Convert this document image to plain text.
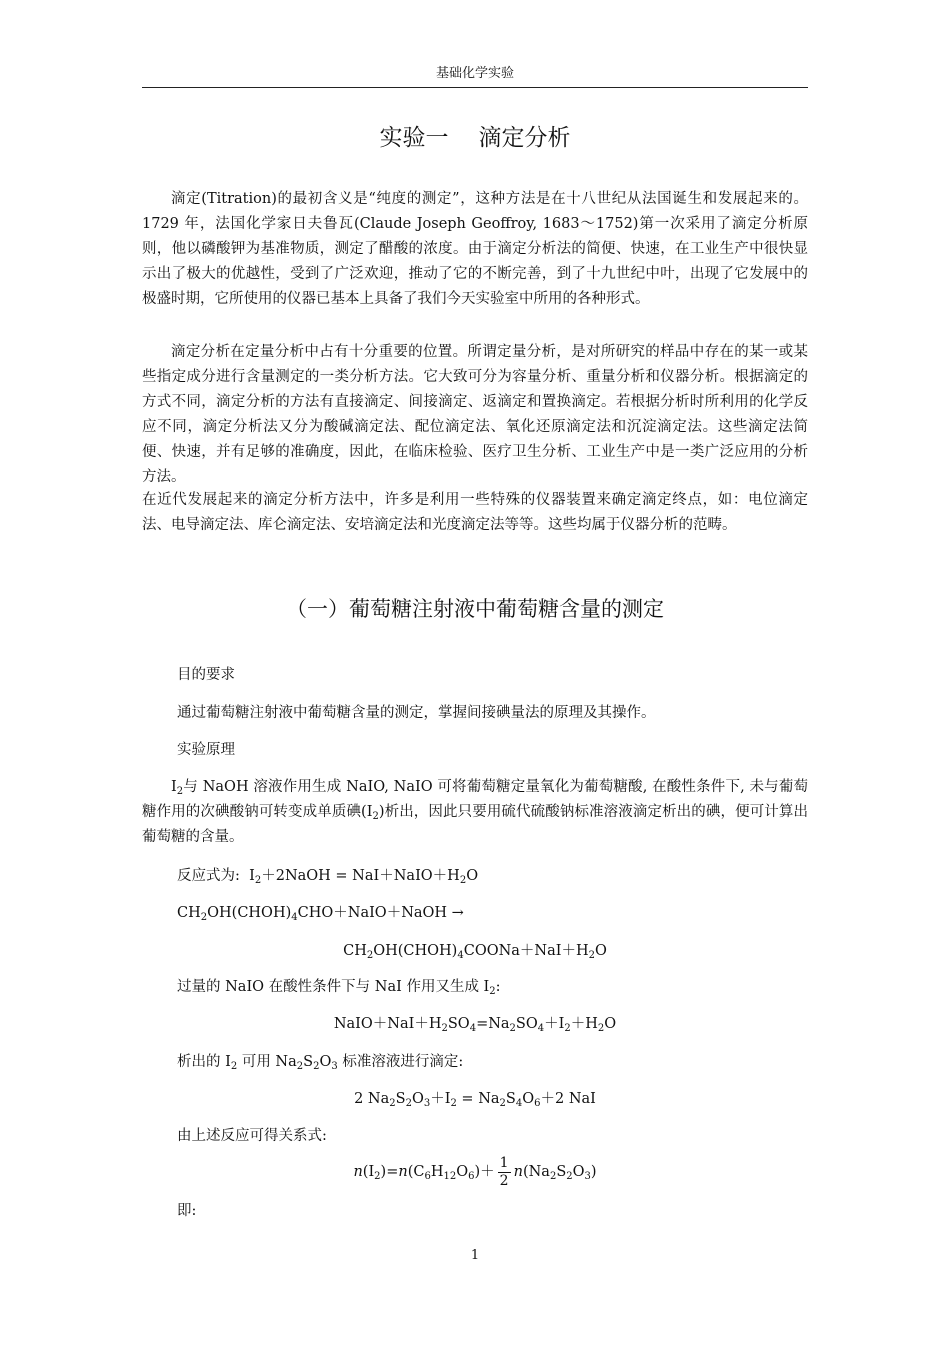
基础化学实验
实验一 滴定分析

滴定(Titration)的最初含义是“纯度的测定”，这种方法是在十八世纪从法国诞生和发展起来的。1729 年，法国化学家日夫鲁瓦(Claude Joseph Geoffroy, 1683～1752)第一次采用了滴定分析原则，他以磷酸钾为基准物质，测定了醋酸的浓度。由于滴定分析法的简便、快速，在工业生产中很快显示出了极大的优越性，受到了广泛欢迎，推动了它的不断完善，到了十九世纪中叶，出现了它发展中的极盛时期，它所使用的仪器已基本上具备了我们今天实验室中所用的各种形式。

滴定分析在定量分析中占有十分重要的位置。所谓定量分析，是对所研究的样品中存在的某一或某些指定成分进行含量测定的一类分析方法。它大致可分为容量分析、重量分析和仪器分析。根据滴定的方式不同，滴定分析的方法有直接滴定、间接滴定、返滴定和置换滴定。若根据分析时所利用的化学反应不同，滴定分析法又分为酸碱滴定法、配位滴定法、氧化还原滴定法和沉淀滴定法。这些滴定法简便、快速，并有足够的准确度，因此，在临床检验、医疗卫生分析、工业生产中是一类广泛应用的分析方法。

在近代发展起来的滴定分析方法中，许多是利用一些特殊的仪器装置来确定滴定终点，如：电位滴定法、电导滴定法、库仑滴定法、安培滴定法和光度滴定法等等。这些均属于仪器分析的范畴。

（一）葡萄糖注射液中葡萄糖含量的测定
目的要求
通过葡萄糖注射液中葡萄糖含量的测定，掌握间接碘量法的原理及其操作。
实验原理

$I_2$与 NaOH 溶液作用生成 NaIO, NaIO 可将葡萄糖定量氧化为葡萄糖酸, 在酸性条件下, 未与葡萄糖作用的次碘酸钠可转变成单质碘$(I_2)$析出，因此只要用硫代硫酸钠标准溶液滴定析出的碘，便可计算出葡萄糖的含量。

反应式为: $I_2+2NaOH$ = $NaI+NaIO+H_2O$
$CH_2OH(CHOH)_4CHO+NaIO+NaOH$ →
$CH_2OH(CHOH)_4COONa+NaI+H_2O$
过量的 NaIO 在酸性条件下与 NaI 作用又生成 $I_2$:
$NaIO+NaI+H_2SO_4=Na_2SO_4+I_2+H_2O$
析出的 $I_2$ 可用 $Na_2S_2O_3$ 标准溶液进行滴定:
2 $Na_2S_2O_3+I_2 = Na_2S_4O_6+2$ NaI
由上述反应可得关系式:
$n(I_2)=n(C_6H_{12}O_6)+ \frac{1}{2} n(Na_2S_2O_3)$
即:
1
